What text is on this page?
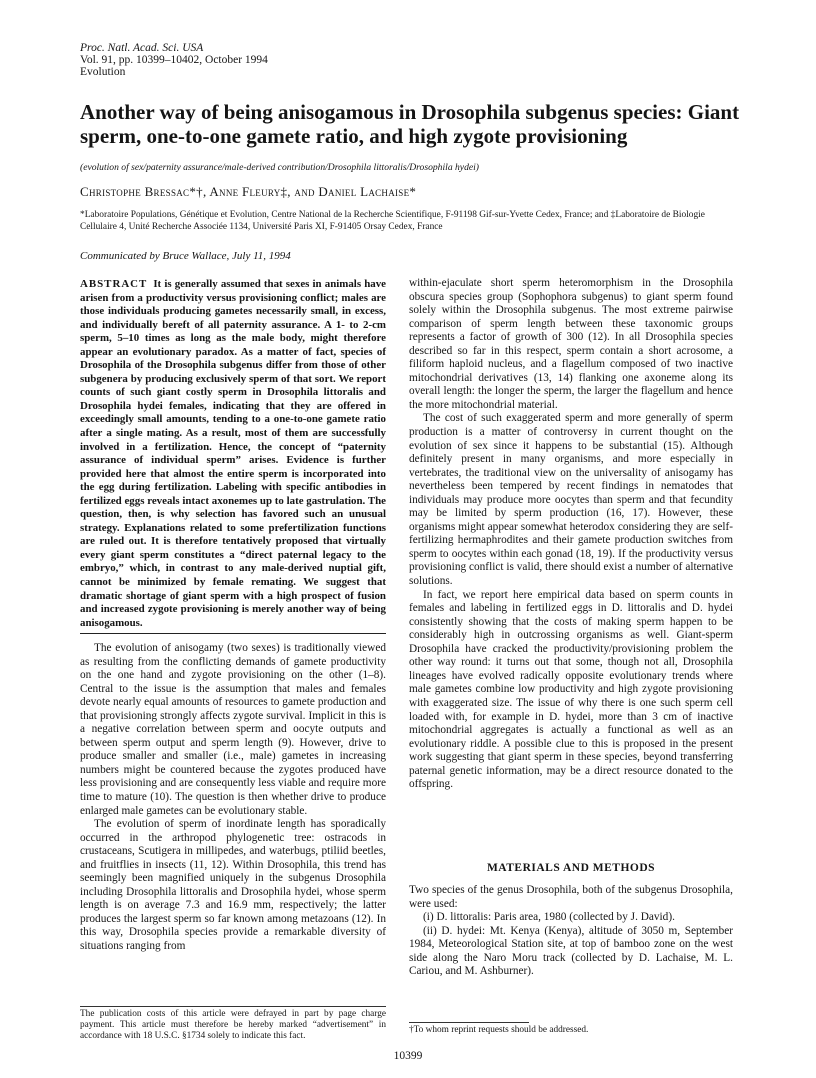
Proc. Natl. Acad. Sci. USA
Vol. 91, pp. 10399–10402, October 1994
Evolution
Another way of being anisogamous in Drosophila subgenus species: Giant sperm, one-to-one gamete ratio, and high zygote provisioning
(evolution of sex/paternity assurance/male-derived contribution/Drosophila littoralis/Drosophila hydei)
Christophe Bressac*†, Anne Fleury‡, and Daniel Lachaise*
*Laboratoire Populations, Génétique et Evolution, Centre National de la Recherche Scientifique, F-91198 Gif-sur-Yvette Cedex, France; and ‡Laboratoire de Biologie Cellulaire 4, Unité Recherche Associée 1134, Université Paris XI, F-91405 Orsay Cedex, France
Communicated by Bruce Wallace, July 11, 1994
ABSTRACT It is generally assumed that sexes in animals have arisen from a productivity versus provisioning conflict; males are those individuals producing gametes necessarily small, in excess, and individually bereft of all paternity assurance. A 1- to 2-cm sperm, 5–10 times as long as the male body, might therefore appear an evolutionary paradox. As a matter of fact, species of Drosophila of the Drosophila subgenus differ from those of other subgenera by producing exclusively sperm of that sort. We report counts of such giant costly sperm in Drosophila littoralis and Drosophila hydei females, indicating that they are offered in exceedingly small amounts, tending to a one-to-one gamete ratio after a single mating. As a result, most of them are successfully involved in a fertilization. Hence, the concept of “paternity assurance of individual sperm” arises. Evidence is further provided here that almost the entire sperm is incorporated into the egg during fertilization. Labeling with specific antibodies in fertilized eggs reveals intact axonemes up to late gastrulation. The question, then, is why selection has favored such an unusual strategy. Explanations related to some prefertilization functions are ruled out. It is therefore tentatively proposed that virtually every giant sperm constitutes a “direct paternal legacy to the embryo,” which, in contrast to any male-derived nuptial gift, cannot be minimized by female remating. We suggest that dramatic shortage of giant sperm with a high prospect of fusion and increased zygote provisioning is merely another way of being anisogamous.

The evolution of anisogamy (two sexes) is traditionally viewed as resulting from the conflicting demands of gamete productivity on the one hand and zygote provisioning on the other (1–8). Central to the issue is the assumption that males and females devote nearly equal amounts of resources to gamete production and that provisioning strongly affects zygote survival. Implicit in this is a negative correlation between sperm and oocyte outputs and between sperm output and sperm length (9). However, drive to produce smaller and smaller (i.e., male) gametes in increasing numbers might be countered because the zygotes produced have less provisioning and are consequently less viable and require more time to mature (10). The question is then whether drive to produce enlarged male gametes can be evolutionary stable.

The evolution of sperm of inordinate length has sporadically occurred in the arthropod phylogenetic tree: ostracods in crustaceans, Scutigera in millipedes, and waterbugs, ptiliid beetles, and fruitflies in insects (11, 12). Within Drosophila, this trend has seemingly been magnified uniquely in the subgenus Drosophila including Drosophila littoralis and Drosophila hydei, whose sperm length is on average 7.3 and 16.9 mm, respectively; the latter produces the largest sperm so far known among metazoans (12). In this way, Drosophila species provide a remarkable diversity of situations ranging from

The publication costs of this article were defrayed in part by page charge payment. This article must therefore be hereby marked “advertisement” in accordance with 18 U.S.C. §1734 solely to indicate this fact.

within-ejaculate short sperm heteromorphism in the Drosophila obscura species group (Sophophora subgenus) to giant sperm found solely within the Drosophila subgenus. The most extreme pairwise comparison of sperm length between these taxonomic groups represents a factor of growth of 300 (12). In all Drosophila species described so far in this respect, sperm contain a short acrosome, a filiform haploid nucleus, and a flagellum composed of two inactive mitochondrial derivatives (13, 14) flanking one axoneme along its overall length: the longer the sperm, the larger the flagellum and hence the more mitochondrial material.

The cost of such exaggerated sperm and more generally of sperm production is a matter of controversy in current thought on the evolution of sex since it happens to be substantial (15). Although definitely present in many organisms, and more especially in vertebrates, the traditional view on the universality of anisogamy has nevertheless been tempered by recent findings in nematodes that individuals may produce more oocytes than sperm and that fecundity may be limited by sperm production (16, 17). However, these organisms might appear somewhat heterodox considering they are self-fertilizing hermaphrodites and their gamete production switches from sperm to oocytes within each gonad (18, 19). If the productivity versus provisioning conflict is valid, there should exist a number of alternative solutions.

In fact, we report here empirical data based on sperm counts in females and labeling in fertilized eggs in D. littoralis and D. hydei consistently showing that the costs of making sperm happen to be considerably high in outcrossing organisms as well. Giant-sperm Drosophila have cracked the productivity/provisioning problem the other way round: it turns out that some, though not all, Drosophila lineages have evolved radically opposite evolutionary trends where male gametes combine low productivity and high zygote provisioning with exaggerated size. The issue of why there is one such sperm cell loaded with, for example in D. hydei, more than 3 cm of inactive mitochondrial aggregates is actually a functional as well as an evolutionary riddle. A possible clue to this is proposed in the present work suggesting that giant sperm in these species, beyond transferring paternal genetic information, may be a direct resource donated to the offspring.

MATERIALS AND METHODS

Two species of the genus Drosophila, both of the subgenus Drosophila, were used:

(i) D. littoralis: Paris area, 1980 (collected by J. David).

(ii) D. hydei: Mt. Kenya (Kenya), altitude of 3050 m, September 1984, Meteorological Station site, at top of bamboo zone on the west side along the Naro Moru track (collected by D. Lachaise, M. L. Cariou, and M. Ashburner).

†To whom reprint requests should be addressed.
10399
